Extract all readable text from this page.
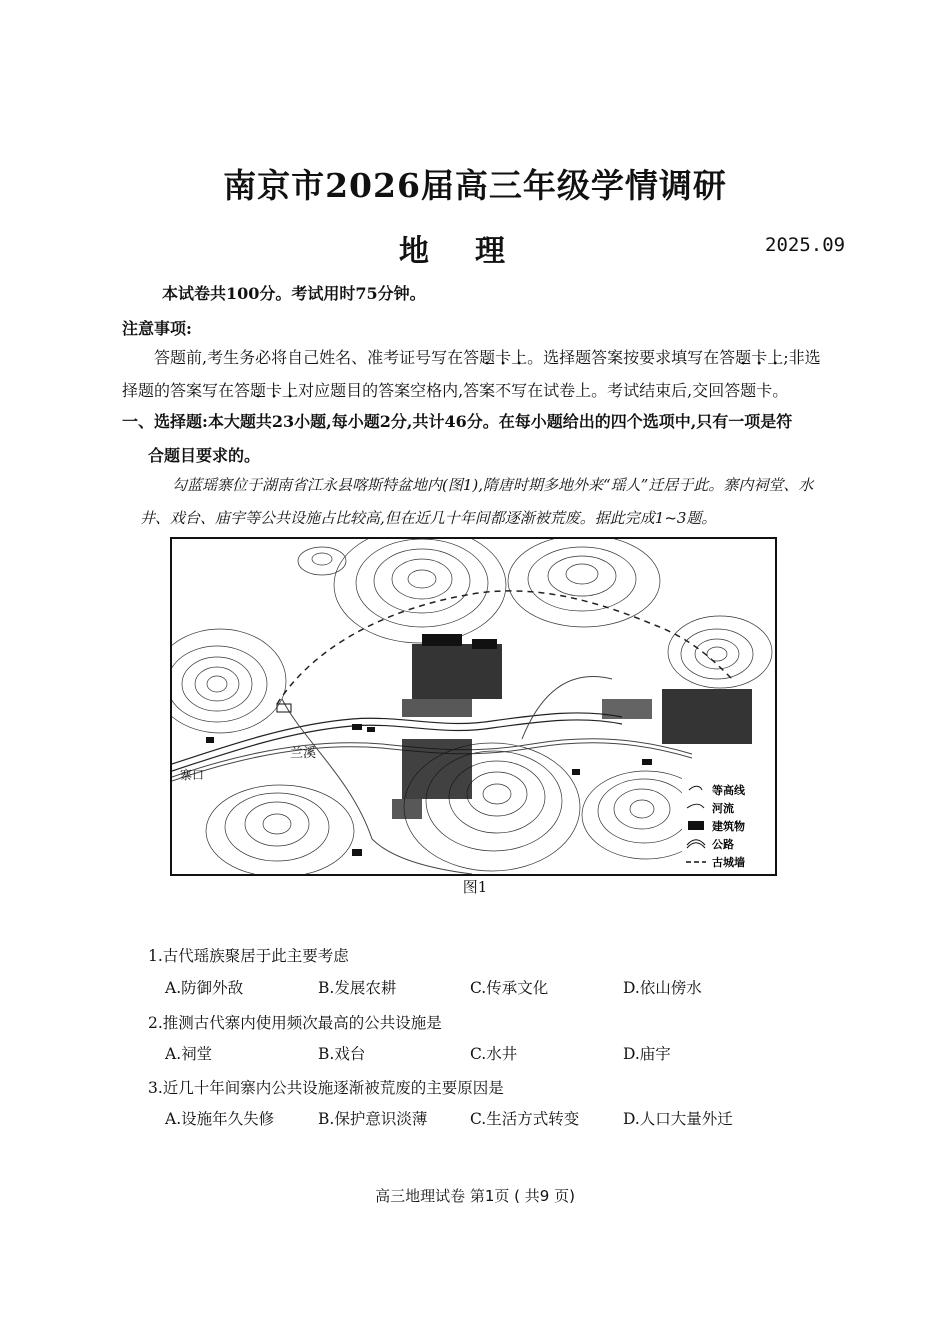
南京市2026届高三年级学情调研
地理	2025.09
本试卷共100分。考试用时75分钟。
注意事项:
答题前,考生务必将自己姓名、准考证号写在答题卡上。选择题答案按要求填写在答题卡上;非选择题的答案写在答题卡上对应题目的答案空格内,答案不写在试卷上。考试结束后,交回答题卡。
一、选择题:本大题共23小题,每小题2分,共计46分。在每小题给出的四个选项中,只有一项是符
合题目要求的。
勾蓝瑶寨位于湖南省江永县喀斯特盆地内(图1),隋唐时期多地外来“瑶人”迁居于此。寨内祠堂、水井、戏台、庙宇等公共设施占比较高,但在近几十年间都逐渐被荒废。据此完成1~3题。
兰溪
寨口
等高线
河流
建筑物
公路
古城墙
图1
1.古代瑶族聚居于此主要考虑
A.防御外敌	B.发展农耕	C.传承文化	D.依山傍水
2.推测古代寨内使用频次最高的公共设施是
A.祠堂	B.戏台	C.水井	D.庙宇
3.近几十年间寨内公共设施逐渐被荒废的主要原因是
A.设施年久失修	B.保护意识淡薄	C.生活方式转变	D.人口大量外迁
高三地理试卷 第1页 ( 共9 页)
